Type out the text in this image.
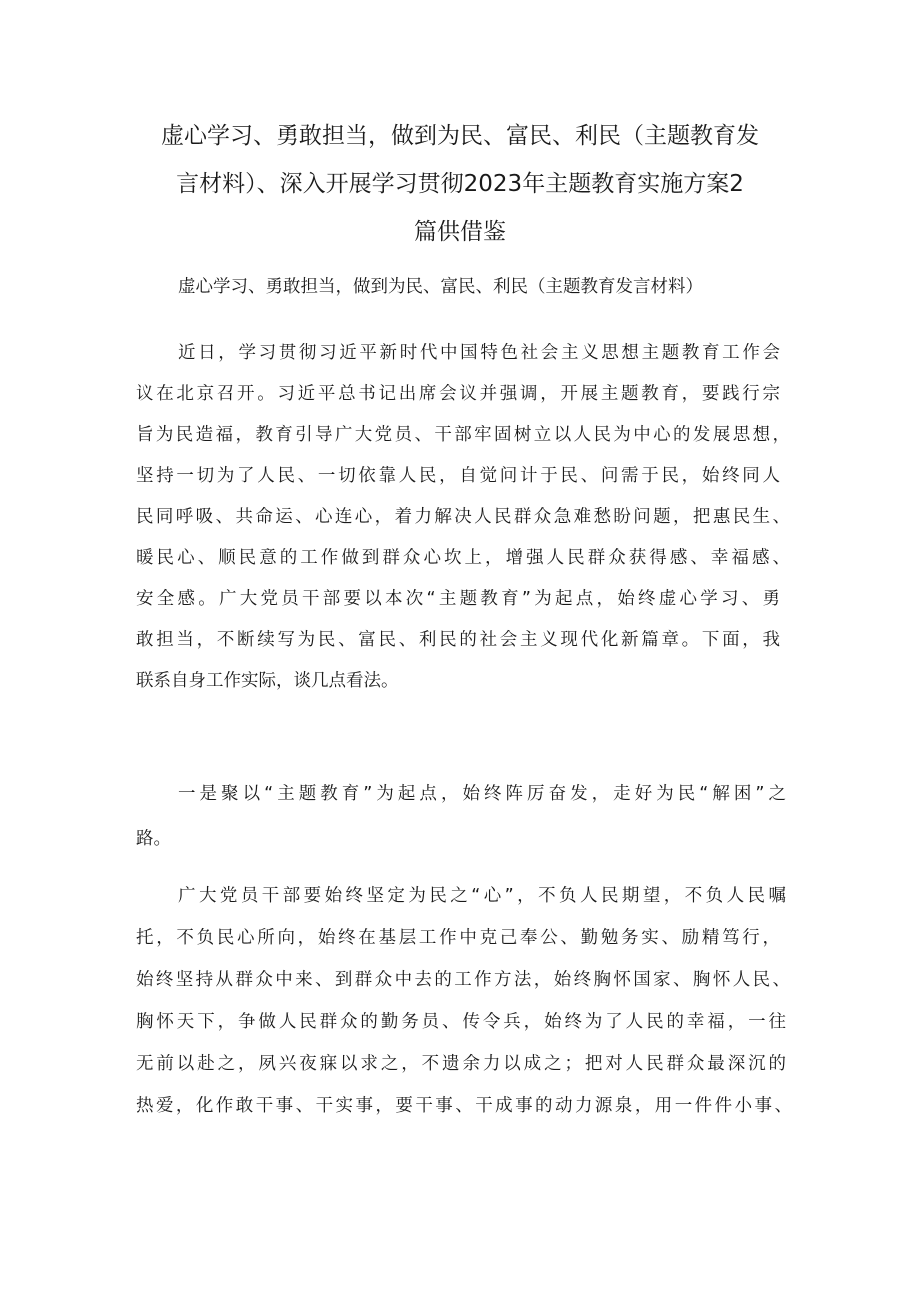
虚心学习、勇敢担当，做到为民、富民、利民（主题教育发
言材料）、深入开展学习贯彻2023年主题教育实施方案2
篇供借鉴

虚心学习、勇敢担当，做到为民、富民、利民（主题教育发言材料）

近日，学习贯彻习近平新时代中国特色社会主义思想主题教育工作会
议在北京召开。习近平总书记出席会议并强调，开展主题教育，要践行宗
旨为民造福，教育引导广大党员、干部牢固树立以人民为中心的发展思想，
坚持一切为了人民、一切依靠人民，自觉问计于民、问需于民，始终同人
民同呼吸、共命运、心连心，着力解决人民群众急难愁盼问题，把惠民生、
暖民心、顺民意的工作做到群众心坎上，增强人民群众获得感、幸福感、
安全感。广大党员干部要以本次“主题教育”为起点，始终虚心学习、勇
敢担当，不断续写为民、富民、利民的社会主义现代化新篇章。下面，我
联系自身工作实际，谈几点看法。
一是聚以“主题教育”为起点，始终阵厉奋发，走好为民“解困”之
路。
广大党员干部要始终坚定为民之“心”，不负人民期望，不负人民嘱
托，不负民心所向，始终在基层工作中克己奉公、勤勉务实、励精笃行，
始终坚持从群众中来、到群众中去的工作方法，始终胸怀国家、胸怀人民、
胸怀天下，争做人民群众的勤务员、传令兵，始终为了人民的幸福，一往
无前以赴之，夙兴夜寐以求之，不遗余力以成之；把对人民群众最深沉的
热爱，化作敢干事、干实事，要干事、干成事的动力源泉，用一件件小事、
